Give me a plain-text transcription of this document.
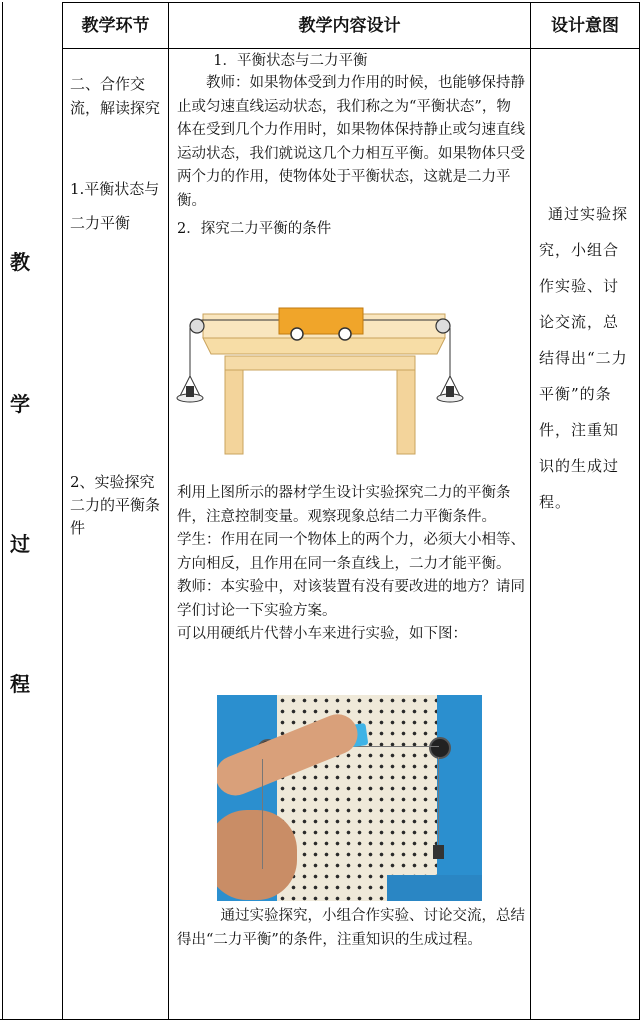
教学环节	教学内容设计	设计意图
教
学
过
程
二、合作交流，解读探究
1.平衡状态与二力平衡
2、实验探究二力的平衡条件

1．平衡状态与二力平衡

教师：如果物体受到力作用的时候，也能够保持静止或匀速直线运动状态，我们称之为“平衡状态”，物体在受到几个力作用时，如果物体保持静止或匀速直线运动状态，我们就说这几个力相互平衡。如果物体只受两个力的作用，使物体处于平衡状态，这就是二力平衡。

2．探究二力平衡的条件

利用上图所示的器材学生设计实验探究二力的平衡条件，注意控制变量。观察现象总结二力平衡条件。

学生：作用在同一个物体上的两个力，必须大小相等、方向相反，且作用在同一条直线上，二力才能平衡。

教师：本实验中，对该装置有没有要改进的地方？请同学们讨论一下实验方案。

可以用硬纸片代替小车来进行实验，如下图：

通过实验探究，小组合作实验、讨论交流，总结得出“二力平衡”的条件，注重知识的生成过程。

通过实验探究，小组合作实验、讨论交流，总结得出“二力平衡”的条件，注重知识的生成过程。
